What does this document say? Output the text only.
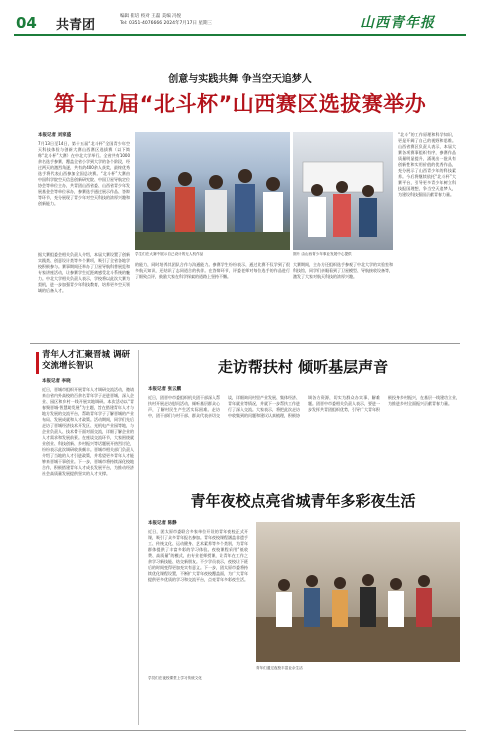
04 共青团
编辑 崔培 校对 王磊 美编 冯悦
Tel: 0351-4076666 2024年7月17日 星期三	山西青年报
创意与实践共舞 争当空天追梦人
第十五届“北斗杯”山西赛区选拔赛举办
本报记者 刘家盛
7月13日至14日，第十五届“北斗杯”全国青少年空天科技体验与创新大赛山西赛区选拔赛（以下简称“北斗杯”大赛）在中北大学举行。全省共有1000余名选手参赛，覆盖全省小学到大学的各个阶段，经过两天的激烈角逐，共有约400余人获奖，最终优秀选手将代表山西参加全国总决赛。“北斗杯”大赛由中国科学院空天信息创新研究院、中国卫星导航定位协会等单位主办，共青团山西省委、山西省青少年发展基金会等单位承办，参赛选手通过展示作品、答辩等环节，充分展现了青少年对空天科技的浓厚兴趣和创新能力。
据大赛组委会相关负责人介绍，本届大赛设置了创新实践类、创意设计类等多个赛项，吸引了全省各地学校积极参与。赛事期间还举办了卫星导航科普展览和专家讲座活动，让参赛学生近距离感受北斗系统的魅力。中北大学相关负责人表示，学校将以此次大赛为契机，进一步加强青少年科技教育，培养更多空天领域的后备人才。
学生们在大赛中展示自己设计的无人机作品	图片 由山西青少年事业发展中心提供
“北斗”的工作原理和科学知识，更是开阔了自己的视野和思维。山西省赛区负责人表示，本届大赛各项赛事组织有序，参赛作品质量明显提升，涌现出一批具有创新性和实用价值的优秀作品，充分展示了山西青少年的科技素养。今后将继续依托“北斗杯”大赛平台，引导更多青少年树立科技报国理想，争当空天追梦人，为建设科技强国贡献青春力量。
的能力，同时培养其团队合作与沟通能力。参赛学生纷纷表示，通过比赛不仅学到了很多航天知识，还结识了志同道合的伙伴。在答辩环节，评委老师对每位选手的作品进行了细致点评，鼓励大家在科学探索的道路上坚持不懈。
大赛期间，主办方还组织选手参观了中北大学的实验室和科技馆，同学们亲眼看到了卫星模型、导航接收设备等，激发了大家对航天科技的浓厚兴趣。
青年人才汇聚晋城 调研交流增长智识
本报记者 李晓
近日，晋城市组织开展青年人才调研交流活动，邀请来自省内外高校的百余名青年学子走进晋城，深入企业、园区和乡村一线开展实地调研。本次活动以“青春聚晋城·智慧助发展”为主题，旨在搭建青年人才与地方发展的交流平台，帮助青年学子了解晋城的产业布局、发展成就和人才政策。活动期间，同学们先后走访了晋城经济技术开发区、光机电产业园等地，与企业负责人、技术骨干面对面交流，详细了解企业的人才需求和发展前景。在座谈交流环节，大家围绕就业创业、科技创新、乡村振兴等话题展开热烈讨论，纷纷表示此次调研收获颇丰。晋城市相关部门负责人介绍了当地的人才引进政策，并希望更多青年人才能够来晋城干事创业。下一步，晋城市将持续深化校地合作，积极搭建青年人才成长发展平台，为推动经济社会高质量发展提供坚实的人才支撑。
走访帮扶村 倾听基层声音
本报记者 张云鹏
近日，团晋中市委组织机关团干部深入帮扶村开展走访慰问活动，倾听基层群众心声，了解村民生产生活实际困难。走访中，团干部们与村干部、群众代表亲切交谈，详细询问村里产业发展、集体经济、青年就业等情况，并就下一步帮扶工作进行了深入交流。大家表示，将把此次走访中收集到的问题和建议认真梳理，积极协调各方资源，切实为群众办实事、解难题。团晋中市委相关负责人表示，要进一步发挥共青团组织优势，引导广大青年积极投身乡村振兴，在基层一线建功立业，为推进乡村全面振兴贡献青春力量。
青年夜校点亮省城青年多彩夜生活
本报记者 陈静
近日，团太原市委联合多家单位开设的青年夜校正式开课，吸引了众多青年报名参加。青年夜校课程涵盖非遗手工、传统文化、运动健身、艺术素养等多个类别，为青年群体提供了丰富多彩的学习体验。夜校课程采用“低收费、高质量”的模式，由专业老师授课，让青年在工作之余学习新技能、结交新朋友。不少学员表示，夜校让下班后的时间变得更加充实有意义。下一步，团太原市委将持续优化课程设置，不断扩大青年夜校覆盖面，为广大青年提供更多优质的学习和交流平台，点亮青年多彩夜生活。
学员们在夜校课堂上学习传统文化
青年们通过夜校丰富业余生活
